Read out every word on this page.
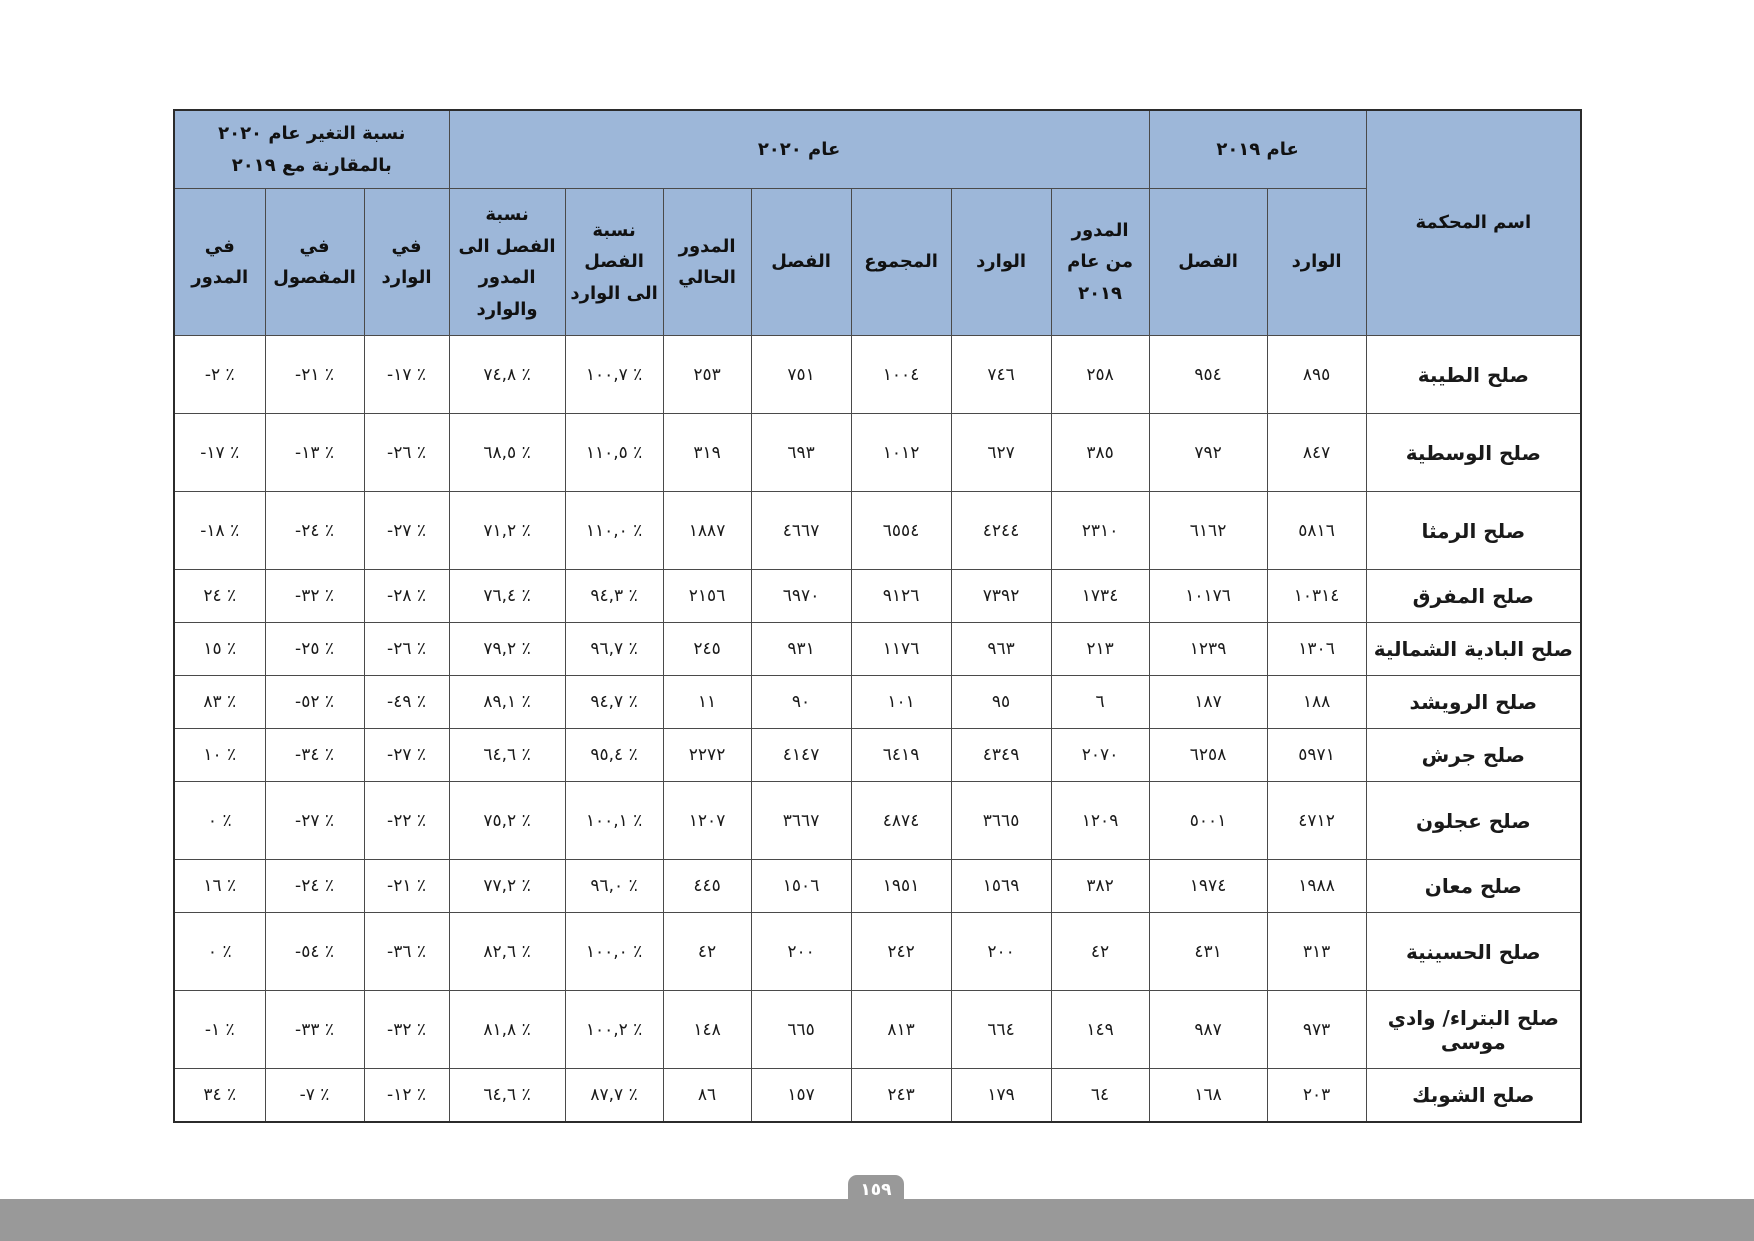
اسم المحكمة	عام ٢٠١٩		عام ٢٠٢٠							نسبة التغير عام ٢٠٢٠ بالمقارنة مع ٢٠١٩		
	الوارد	الفصل	المدور من عام ٢٠١٩	الوارد	المجموع	الفصل	المدور الحالي	نسبة الفصل الى الوارد	نسبة الفصل الى المدور والوارد	في الوارد	في المفصول	في المدور
صلح الطيبة	٨٩٥	٩٥٤	٢٥٨	٧٤٦	١٠٠٤	٧٥١	٢٥٣	٪ ١٠٠,٧	٪ ٧٤,٨	٪ ١٧-	٪ ٢١-	٪ ٢-
صلح الوسطية	٨٤٧	٧٩٢	٣٨٥	٦٢٧	١٠١٢	٦٩٣	٣١٩	٪ ١١٠,٥	٪ ٦٨,٥	٪ ٢٦-	٪ ١٣-	٪ ١٧-
صلح الرمثا	٥٨١٦	٦١٦٢	٢٣١٠	٤٢٤٤	٦٥٥٤	٤٦٦٧	١٨٨٧	٪ ١١٠,٠	٪ ٧١,٢	٪ ٢٧-	٪ ٢٤-	٪ ١٨-
صلح المفرق	١٠٣١٤	١٠١٧٦	١٧٣٤	٧٣٩٢	٩١٢٦	٦٩٧٠	٢١٥٦	٪ ٩٤,٣	٪ ٧٦,٤	٪ ٢٨-	٪ ٣٢-	٪ ٢٤
صلح البادية الشمالية	١٣٠٦	١٢٣٩	٢١٣	٩٦٣	١١٧٦	٩٣١	٢٤٥	٪ ٩٦,٧	٪ ٧٩,٢	٪ ٢٦-	٪ ٢٥-	٪ ١٥
صلح الرويشد	١٨٨	١٨٧	٦	٩٥	١٠١	٩٠	١١	٪ ٩٤,٧	٪ ٨٩,١	٪ ٤٩-	٪ ٥٢-	٪ ٨٣
صلح جرش	٥٩٧١	٦٢٥٨	٢٠٧٠	٤٣٤٩	٦٤١٩	٤١٤٧	٢٢٧٢	٪ ٩٥,٤	٪ ٦٤,٦	٪ ٢٧-	٪ ٣٤-	٪ ١٠
صلح عجلون	٤٧١٢	٥٠٠١	١٢٠٩	٣٦٦٥	٤٨٧٤	٣٦٦٧	١٢٠٧	٪ ١٠٠,١	٪ ٧٥,٢	٪ ٢٢-	٪ ٢٧-	٪ ٠
صلح معان	١٩٨٨	١٩٧٤	٣٨٢	١٥٦٩	١٩٥١	١٥٠٦	٤٤٥	٪ ٩٦,٠	٪ ٧٧,٢	٪ ٢١-	٪ ٢٤-	٪ ١٦
صلح الحسينية	٣١٣	٤٣١	٤٢	٢٠٠	٢٤٢	٢٠٠	٤٢	٪ ١٠٠,٠	٪ ٨٢,٦	٪ ٣٦-	٪ ٥٤-	٪ ٠
صلح البتراء/ وادي موسى	٩٧٣	٩٨٧	١٤٩	٦٦٤	٨١٣	٦٦٥	١٤٨	٪ ١٠٠,٢	٪ ٨١,٨	٪ ٣٢-	٪ ٣٣-	٪ ١-
صلح الشوبك	٢٠٣	١٦٨	٦٤	١٧٩	٢٤٣	١٥٧	٨٦	٪ ٨٧,٧	٪ ٦٤,٦	٪ ١٢-	٪ ٧-	٪ ٣٤
١٥٩
